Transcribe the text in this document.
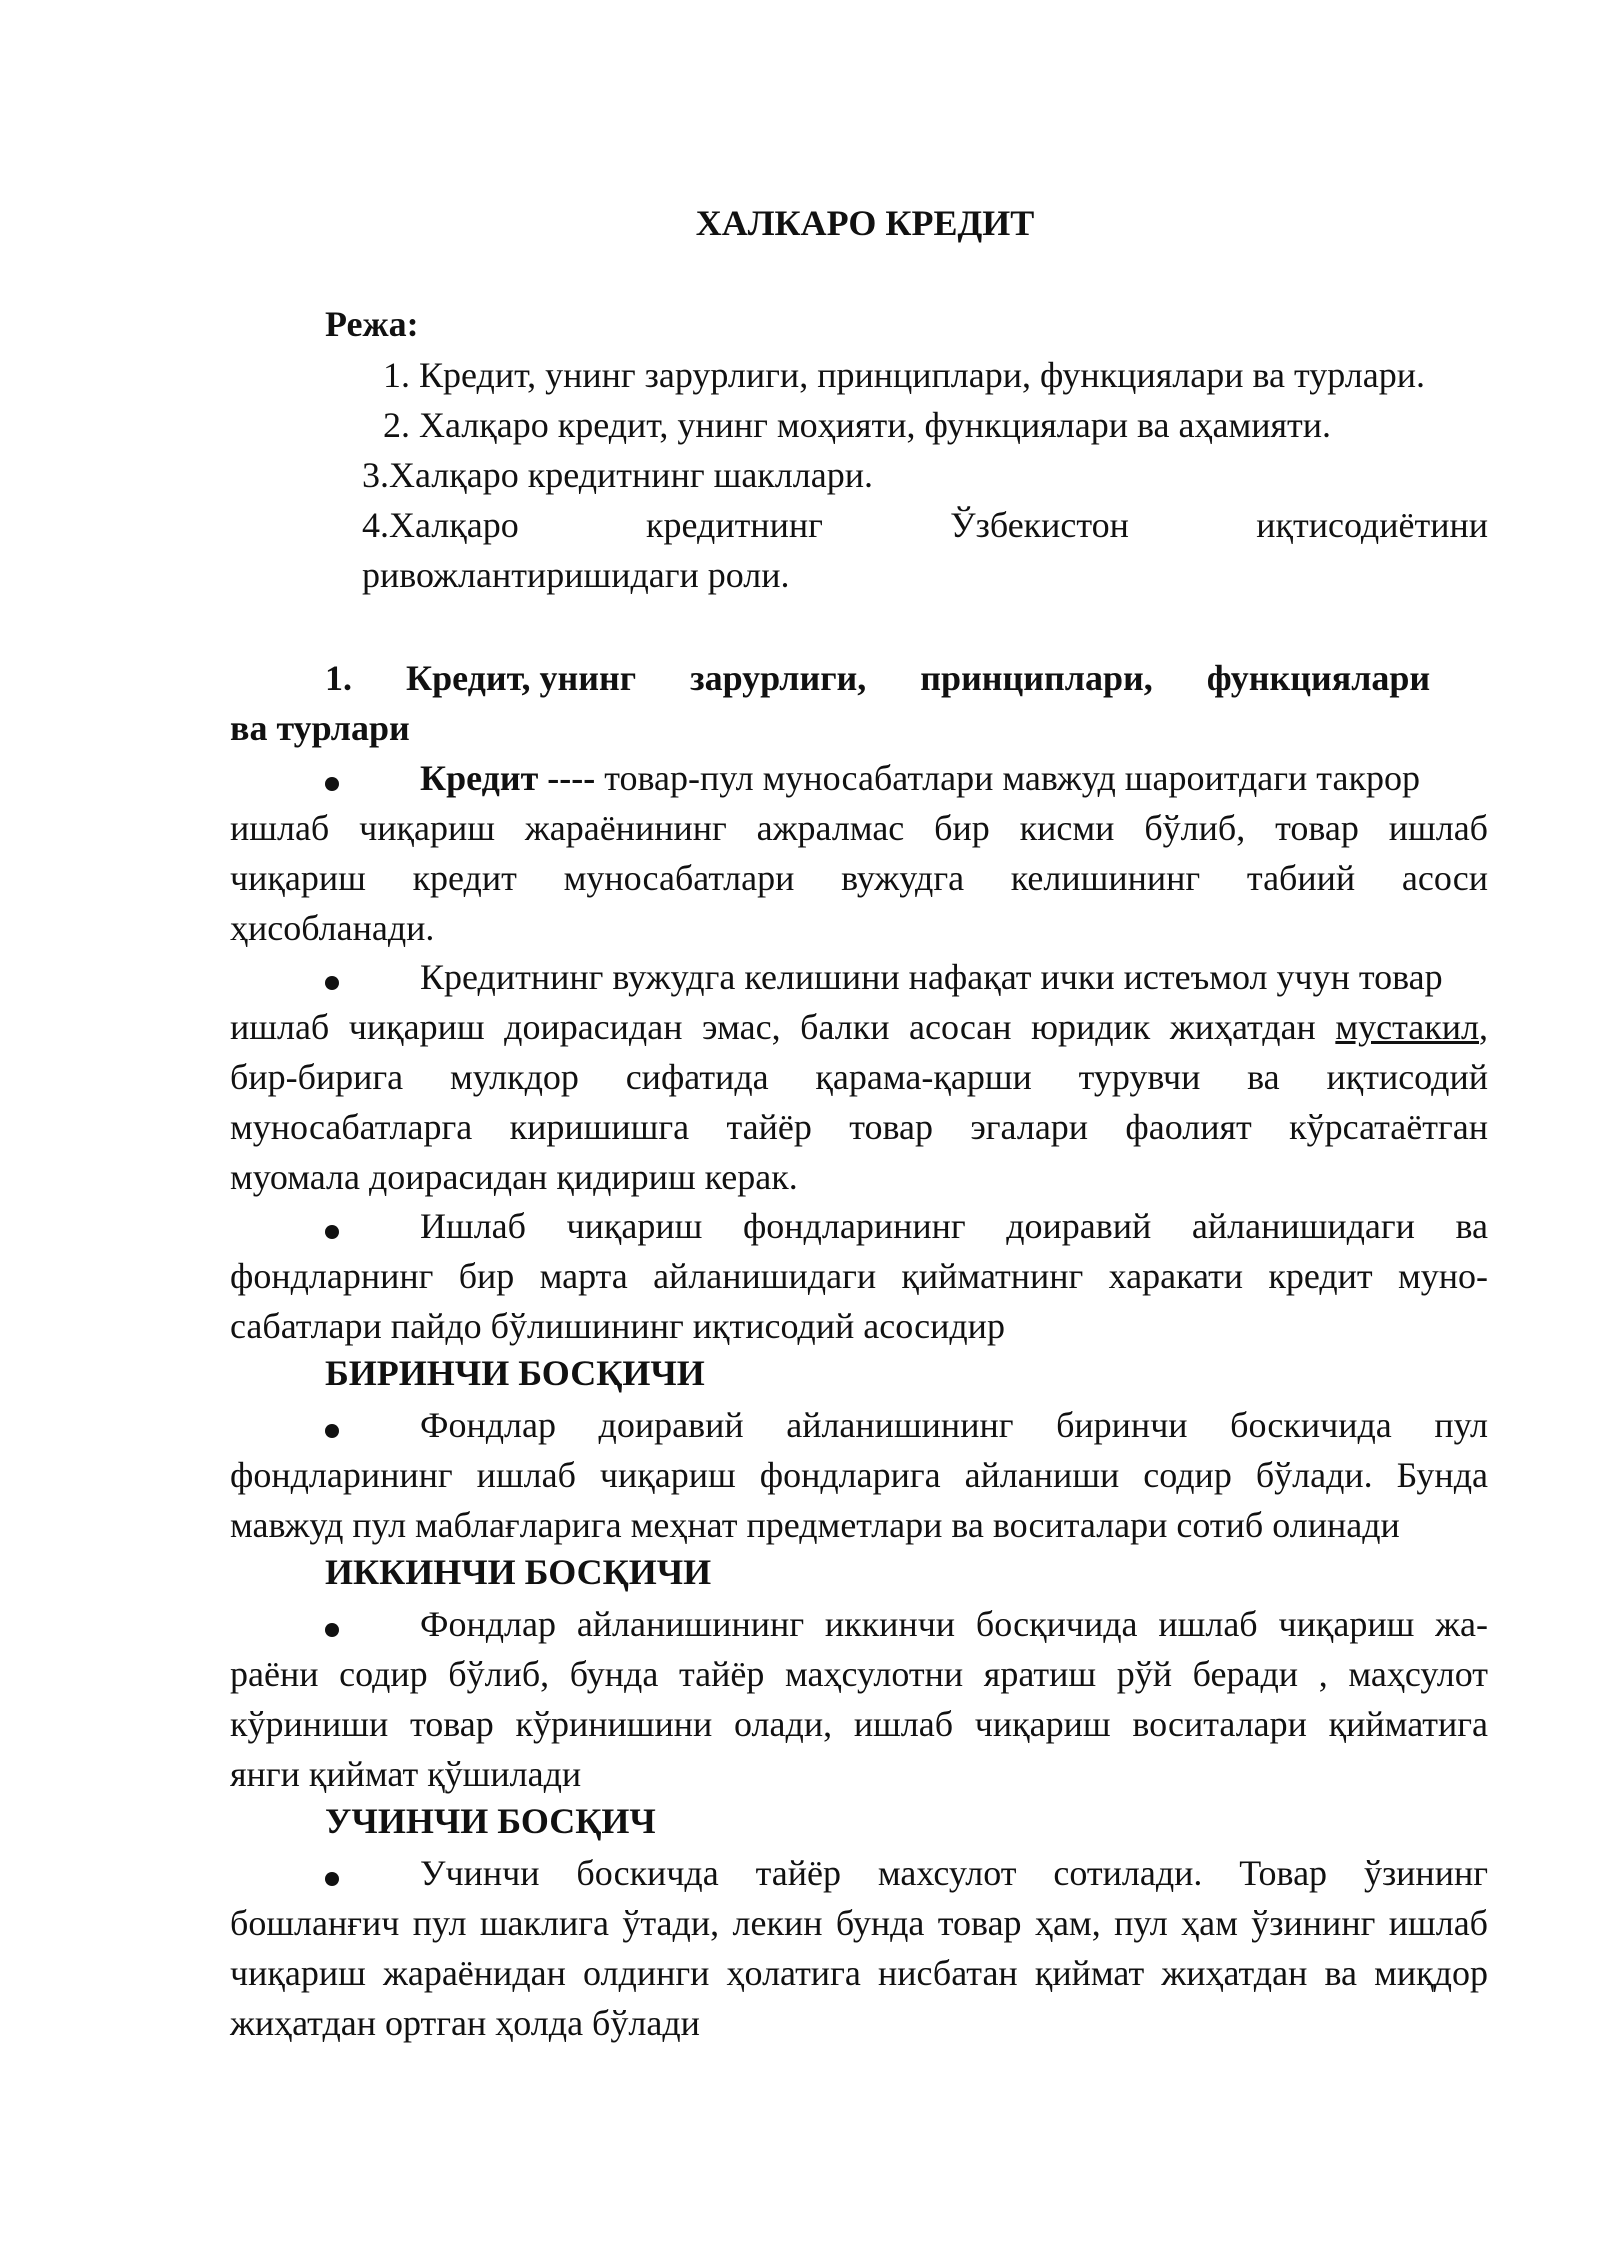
ХАЛКАРО КРЕДИТ

Режа:

1. Кредит, унинг зарурлиги, принциплари, функциялари ва турлари.

2. Халқаро кредит, унинг моҳияти, функциялари ва аҳамияти.

3.Халқаро кредитнинг шакллари.

4.Халқаро кредитнинг Ўзбекистон иқтисодиётини

ривожлантиришидаги роли.

1.      Кредит, унинг      зарурлиги,      принциплари,      функциялари

ва турлари

Кредит ---- товар-пул муносабатлари мавжуд шароитдаги такрор

ишлаб чиқариш жараёнининг ажралмас бир кисми бўлиб, товар ишлаб

чиқариш кредит муносабатлари вужудга келишининг табиий асоси

ҳисобланади.

Кредитнинг вужудга келишини нафақат ички истеъмол учун товар

ишлаб чиқариш доирасидан эмас, балки асосан юридик жиҳатдан мустакил,

бир-бирига мулкдор сифатида қарама-қарши турувчи ва иқтисодий

муносабатларга киришишга тайёр товар эгалари фаолият кўрсатаётган

муомала доирасидан қидириш керак.

Ишлаб чиқариш фондларининг доиравий айланишидаги ва

фондларнинг бир марта айланишидаги қийматнинг харакати кредит муно-

сабатлари пайдо бўлишининг иқтисодий асосидир

БИРИНЧИ БОСҚИЧИ

Фондлар доиравий айланишининг биринчи боскичида пул

фондларининг ишлаб чиқариш фондларига айланиши содир бўлади. Бунда

мавжуд пул маблағларига меҳнат предметлари ва воситалари сотиб олинади

ИККИНЧИ БОСҚИЧИ

Фондлар айланишининг иккинчи босқичида ишлаб чиқариш жа-

раёни содир бўлиб, бунда тайёр маҳсулотни яратиш рўй беради , маҳсулот

кўриниши товар кўринишини олади, ишлаб чиқариш воситалари қийматига

янги қиймат қўшилади

УЧИНЧИ БОСҚИЧ

Учинчи боскичда тайёр махсулот сотилади. Товар ўзининг

бошланғич пул шаклига ўтади, лекин бунда товар ҳам, пул ҳам ўзининг ишлаб

чиқариш жараёнидан олдинги ҳолатига нисбатан қиймат жиҳатдан ва миқдор

жиҳатдан ортган ҳолда бўлади
